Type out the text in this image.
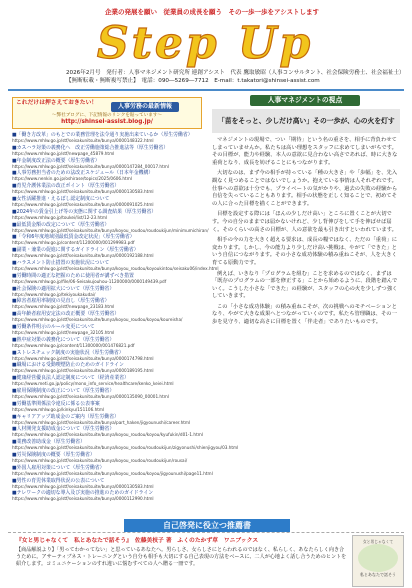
企業の発展を願い　従業員の成長を願う　その一歩一歩をアシストします
Step Up
2026年2月号　発行者：人事マネジメント研究所 連創アシスト　代表 鷹取敏昭（人事コンサルタント、社会保険労務士、社会福祉士）
【無断転載・無断複写禁止】　電話：090―5269―7712　E-mail：t.takatori@shinsei-assist.com
これだけは押さえておきたい！	人事労務の最新情報
～弊社ブログに、下記情報のリンクを貼っています～
http://shinsei-assist.blog.jp/
■「働き方改革」のもとでの業務管理を法令通り実施出来ているか（厚生労働省）
https://www.mhlw.go.jp/stf/seisakunitsuite/bunya/0000148322.html
■カスハラ対策の義務化へ　改正労働施策総合推進法等（厚生労働省）
https://www.mhlw.go.jp/stf/newpage_45879.html
■年金制度改正法の概要（厚生労働省）
https://www.mhlw.go.jp/stf/seisakunitsuite/bunya/0000147284_00017.html
■人事労務担当者のための法改正スケジュール（日本年金機構）
https://www.nenkin.go.jp/oshirase/topics/2025/0606.html
■育児介護休業法の改正ポイント（厚生労働省）
https://www.mhlw.go.jp/stf/seisakunitsuite/bunya/0000130583.html
■女性活躍推進・えるぼし認定制度について
https://www.mhlw.go.jp/stf/seisakunitsuite/bunya/0000091025.html
■2024年の賃金引上げ等の実態に関する調査結果（厚生労働省）
https://www.mhlw.go.jp/toukei/list/12-23.html
■最低賃金額の改定について（厚生労働省）
https://www.mhlw.go.jp/stf/seisakunitsuite/bunya/koyou_roudou/roudoukijun/minimumichiran/
■「令和6年度地域別最低賃金改定状況」（厚生労働省）
https://www.mhlw.go.jp/content/11200000/001299983.pdf
■副業・兼業の促進に関するガイドライン（厚生労働省）
https://www.mhlw.go.jp/stf/seisakunitsuite/bunya/0000192188.html
■ハラスメント防止措置の実施状況について
https://www.mhlw.go.jp/stf/seisakunitsuite/bunya/koyou_roudou/koyoukintou/seisaku06/index.html
■労働時間の適正な把握のために使用者が講ずべき措置
https://www.mhlw.go.jp/file/06-Seisakujouhou-11200000/0000149439.pdf
■社会保険の適用拡大について（厚生労働省）
https://www.mhlw.go.jp/tekiyoukakudai/
■障害者雇用率制度の見直し（厚生労働省）
https://www.mhlw.go.jp/stf/newpage_23183.html
■高年齢者雇用安定法の改正概要（厚生労働省）
https://www.mhlw.go.jp/stf/seisakunitsuite/bunya/koyou_roudou/koyou/koureisha/
■労働条件明示のルール変更について
https://www.mhlw.go.jp/stf/newpage_32105.html
■熱中症対策の義務化について（厚生労働省）
https://www.mhlw.go.jp/content/11300000/001476821.pdf
■ストレスチェック制度の実施状況（厚生労働省）
https://www.mhlw.go.jp/stf/seisakunitsuite/bunya/0000174798.html
■職場における受動喫煙防止のためのガイドライン
https://www.mhlw.go.jp/stf/seisakunitsuite/bunya/0000189195.html
■健康経営優良法人認定制度について（経済産業省）
https://www.meti.go.jp/policy/mono_info_service/healthcare/kenko_keiei.html
■雇用保険制度の改正について（厚生労働省）
https://www.mhlw.go.jp/stf/seisakunitsuite/bunya/0000135090_00001.html
■労働基準関係法令違反に係る公表事案
https://www.mhlw.go.jp/kinkyu/151106.html
■キャリアアップ助成金のご案内（厚生労働省）
https://www.mhlw.go.jp/stf/seisakunitsuite/bunya/part_haken/jigyounushi/career.html
■人材開発支援助成金について（厚生労働省）
https://www.mhlw.go.jp/stf/seisakunitsuite/bunya/koyou_roudou/koyou/kyufukin/d01-1.html
■業務改善助成金（厚生労働省）
https://www.mhlw.go.jp/stf/seisakunitsuite/bunya/koyou_roudou/roudoukijun/zigyonushi/shienjigyou/03.html
■労災保険制度の概要（厚生労働省）
https://www.mhlw.go.jp/stf/seisakunitsuite/bunya/koyou_roudou/roudoukijun/rousai/
■外国人雇用対策について（厚生労働省）
https://www.mhlw.go.jp/stf/seisakunitsuite/bunya/koyou_roudou/koyou/jigyounushi/page11.html
■男性の育児休業取得状況の公表について
https://www.mhlw.go.jp/stf/seisakunitsuite/bunya/0000130583.html
■テレワークの適切な導入及び実施の推進のためのガイドライン
https://www.mhlw.go.jp/stf/seisakunitsuite/bunya/0000112990.html
人事マネジメントの視点
「苗をそっと、少しだけ高い」その一歩が、心の火を灯す

マネジメントの現場で、つい「期待」という名の重さを、相手に背負わせてしまっていませんか。私たちは高い理想をスタッフに求めてしまいがちです。その目標が、能力や経験、本人の意欲に見合わない高さであれば、時に大きな重荷となり、成長を妨げることにもつながります。

大切なのは、まず今の相手が持っている「種の大きさ」や「歩幅」を、先入観なく見つめることではないでしょうか。抱えている事情は人それぞれです。仕事への意欲は十分でも、プライベートの気がかりや、過去の失敗の経験から自信を失っていることもあります。相手の状態を正しく知ることで、初めてその人に合った目標を描くことができます。

目標を設定する際には「ほんの少しだけ高い」ところに置くことが大切です。今の自分のままでは届かないけれど、少し背伸びをして手を伸ばせば届く。そのくらいの高さの目標が、人の意欲を最も引き出すといわれています。

相手の今の力を大きく超える要求は、成長の糧ではなく、ただの「重荷」に変わります。しかし、今の能力より少しだけ高い挑戦は、やがて「できた」という自信につながります。その小さな成功体験の積み重ねこそが、人を大きく育てる原動力です。

例えば、いきなり「プログラムを組む」ことを求めるのではなく、まずは「既存のプログラムの一部を修正する」ことから始めるように、段階を踏んでいく。こうした小さな「できた」の経験が、スタッフの心の火を少しずつ強くしていきます。

この「小さな成功体験」の積み重ねこそが、次の挑戦へのモチベーションとなり、やがて大きな成果へとつながっていくのです。私たち管理職は、その一歩を見守り、適切な高さに目標を置く「伴走者」でありたいものです。

自己啓発に役立つ推薦書
『女と男じゃなくて　私とあなたで話そう』　佐藤美枝子 著　ふくのたかず草　ワニブックス
【商品解説より】「男ってわかってない」と思っているあなたへ。男らしさ、女らしさにとらわれるのではなく、私らしく、あなたらしく向き合うために。アサーティブネス・トレーニングという自分も相手も大切にする自己表現の方法をベースに、二人が心地よく話し合うためのヒントを紹介します。コミュニケーションのすれ違いに悩むすべての人へ贈る一冊です。
女と男じゃなくて
私とあなたで話そう
